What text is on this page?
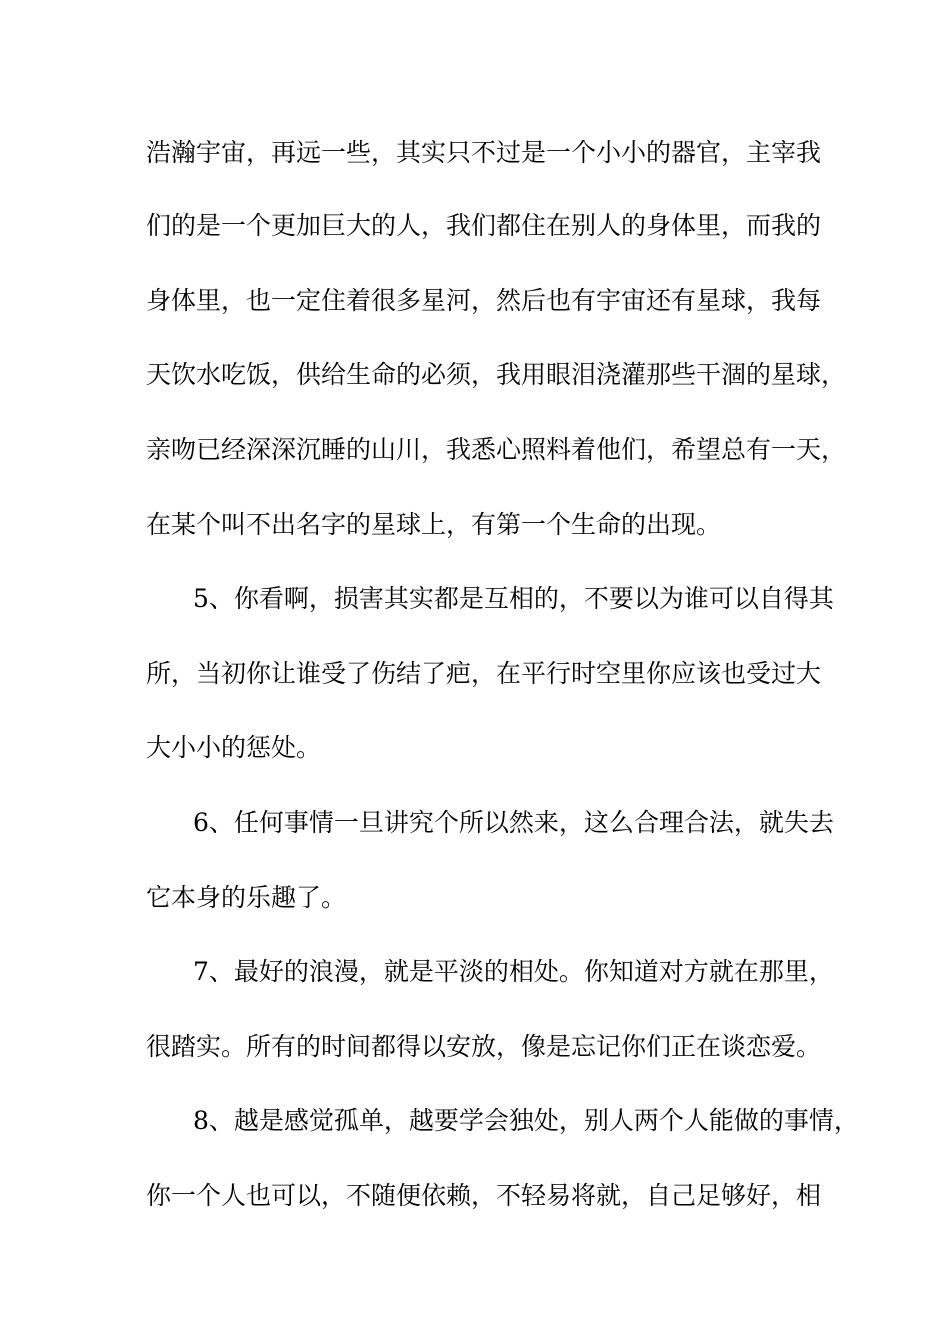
浩瀚宇宙，再远一些，其实只不过是一个小小的器官，主宰我
们的是一个更加巨大的人，我们都住在别人的身体里，而我的
身体里，也一定住着很多星河，然后也有宇宙还有星球，我每
天饮水吃饭，供给生命的必须，我用眼泪浇灌那些干涸的星球，
亲吻已经深深沉睡的山川，我悉心照料着他们，希望总有一天，
在某个叫不出名字的星球上，有第一个生命的出现。
5、你看啊，损害其实都是互相的，不要以为谁可以自得其
所，当初你让谁受了伤结了疤，在平行时空里你应该也受过大
大小小的惩处。
6、任何事情一旦讲究个所以然来，这么合理合法，就失去
它本身的乐趣了。
7、最好的浪漫，就是平淡的相处。你知道对方就在那里，
很踏实。所有的时间都得以安放，像是忘记你们正在谈恋爱。
8、越是感觉孤单，越要学会独处，别人两个人能做的事情，
你一个人也可以，不随便依赖，不轻易将就，自己足够好，相
